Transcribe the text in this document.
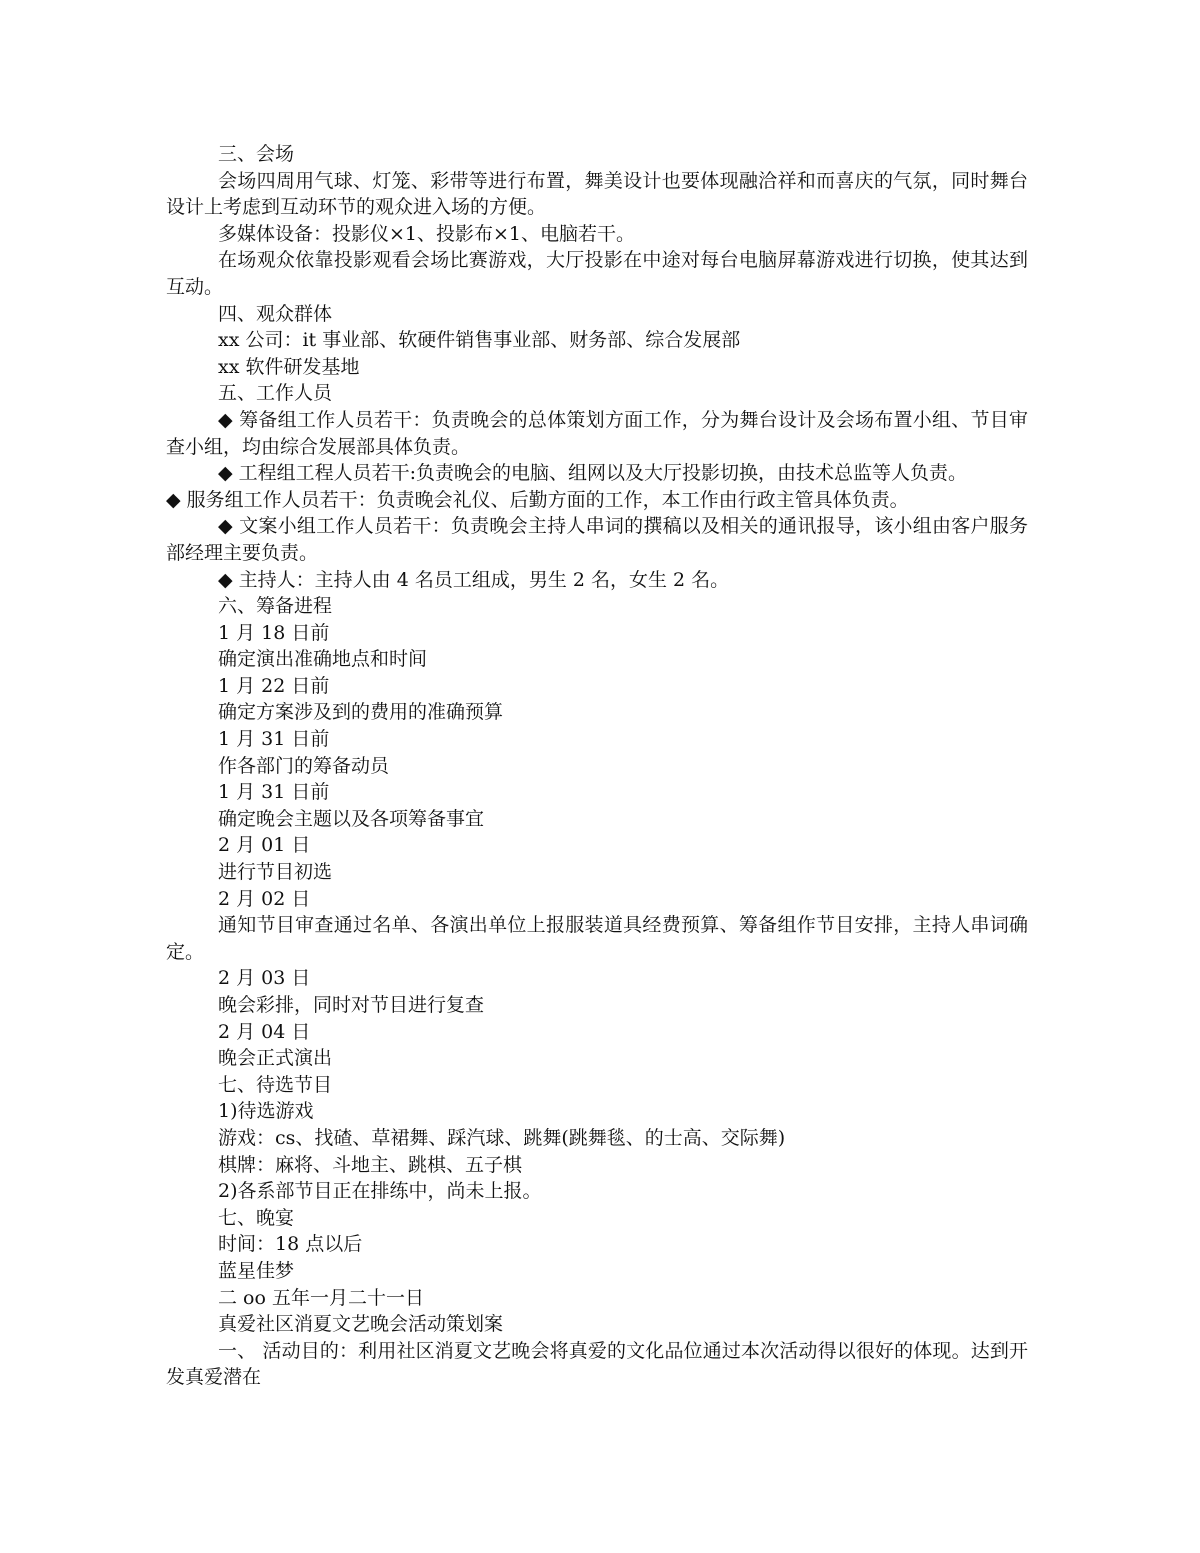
三、会场

会场四周用气球、灯笼、彩带等进行布置，舞美设计也要体现融洽祥和而喜庆的气氛，同时舞台设计上考虑到互动环节的观众进入场的方便。

多媒体设备：投影仪×1、投影布×1、电脑若干。

在场观众依靠投影观看会场比赛游戏，大厅投影在中途对每台电脑屏幕游戏进行切换，使其达到互动。

四、观众群体

xx 公司：it 事业部、软硬件销售事业部、财务部、综合发展部

xx 软件研发基地

五、工作人员

◆ 筹备组工作人员若干：负责晚会的总体策划方面工作，分为舞台设计及会场布置小组、节目审查小组，均由综合发展部具体负责。

◆ 工程组工程人员若干:负责晚会的电脑、组网以及大厅投影切换，由技术总监等人负责。

◆ 服务组工作人员若干：负责晚会礼仪、后勤方面的工作，本工作由行政主管具体负责。

◆ 文案小组工作人员若干：负责晚会主持人串词的撰稿以及相关的通讯报导，该小组由客户服务部经理主要负责。

◆ 主持人：主持人由 4 名员工组成，男生 2 名，女生 2 名。

六、筹备进程

1 月 18 日前

确定演出准确地点和时间

1 月 22 日前

确定方案涉及到的费用的准确预算

1 月 31 日前

作各部门的筹备动员

1 月 31 日前

确定晚会主题以及各项筹备事宜

2 月 01 日

进行节目初选

2 月 02 日

通知节目审查通过名单、各演出单位上报服装道具经费预算、筹备组作节目安排，主持人串词确定。

2 月 03 日

晚会彩排，同时对节目进行复查

2 月 04 日

晚会正式演出

七、待选节目

1)待选游戏

游戏：cs、找碴、草裙舞、踩汽球、跳舞(跳舞毯、的士高、交际舞)

棋牌：麻将、斗地主、跳棋、五子棋

2)各系部节目正在排练中，尚未上报。

七、晚宴

时间：18 点以后

蓝星佳梦

二 oo 五年一月二十一日

真爱社区消夏文艺晚会活动策划案

一、 活动目的：利用社区消夏文艺晚会将真爱的文化品位通过本次活动得以很好的体现。达到开发真爱潜在
